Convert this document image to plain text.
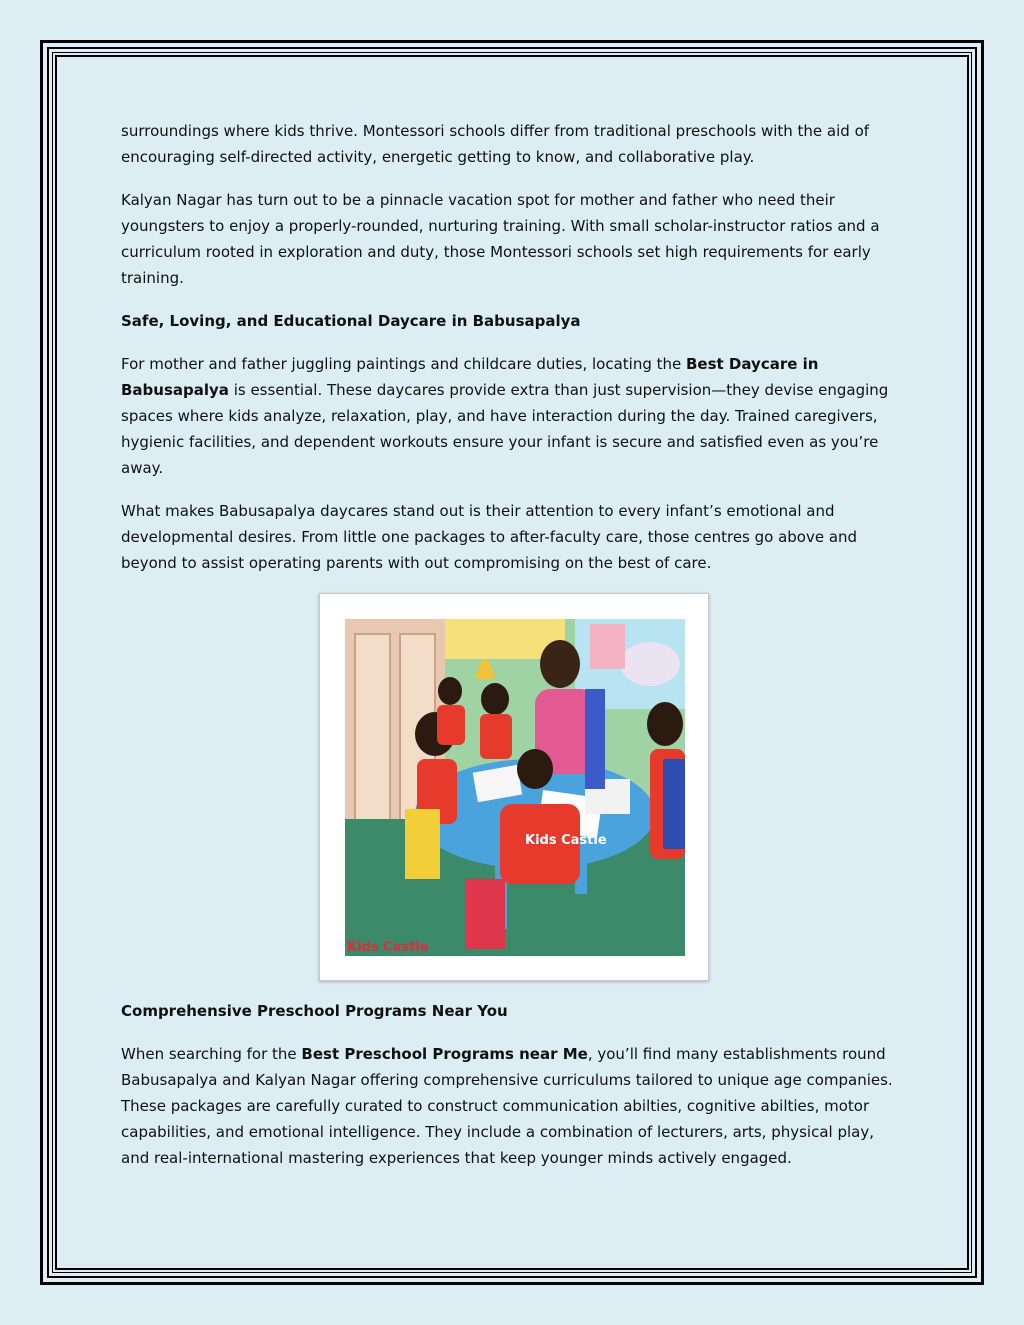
surroundings where kids thrive. Montessori schools differ from traditional preschools with the aid of encouraging self-directed activity, energetic getting to know, and collaborative play.

Kalyan Nagar has turn out to be a pinnacle vacation spot for mother and father who need their youngsters to enjoy a properly-rounded, nurturing training. With small scholar-instructor ratios and a curriculum rooted in exploration and duty, those Montessori schools set high requirements for early training.

Safe, Loving, and Educational Daycare in Babusapalya

For mother and father juggling paintings and childcare duties, locating the Best Daycare in Babusapalya is essential. These daycares provide extra than just supervision—they devise engaging spaces where kids analyze, relaxation, play, and have interaction during the day. Trained caregivers, hygienic facilities, and dependent workouts ensure your infant is secure and satisfied even as you’re away.

What makes Babusapalya daycares stand out is their attention to every infant’s emotional and developmental desires. From little one packages to after-faculty care, those centres go above and beyond to assist operating parents with out compromising on the best of care.

Kids Castle
Kids Castle
Comprehensive Preschool Programs Near You

When searching for the Best Preschool Programs near Me, you’ll find many establishments round Babusapalya and Kalyan Nagar offering comprehensive curriculums tailored to unique age companies. These packages are carefully curated to construct communication abilties, cognitive abilties, motor capabilities, and emotional intelligence. They include a combination of lecturers, arts, physical play, and real-international mastering experiences that keep younger minds actively engaged.
